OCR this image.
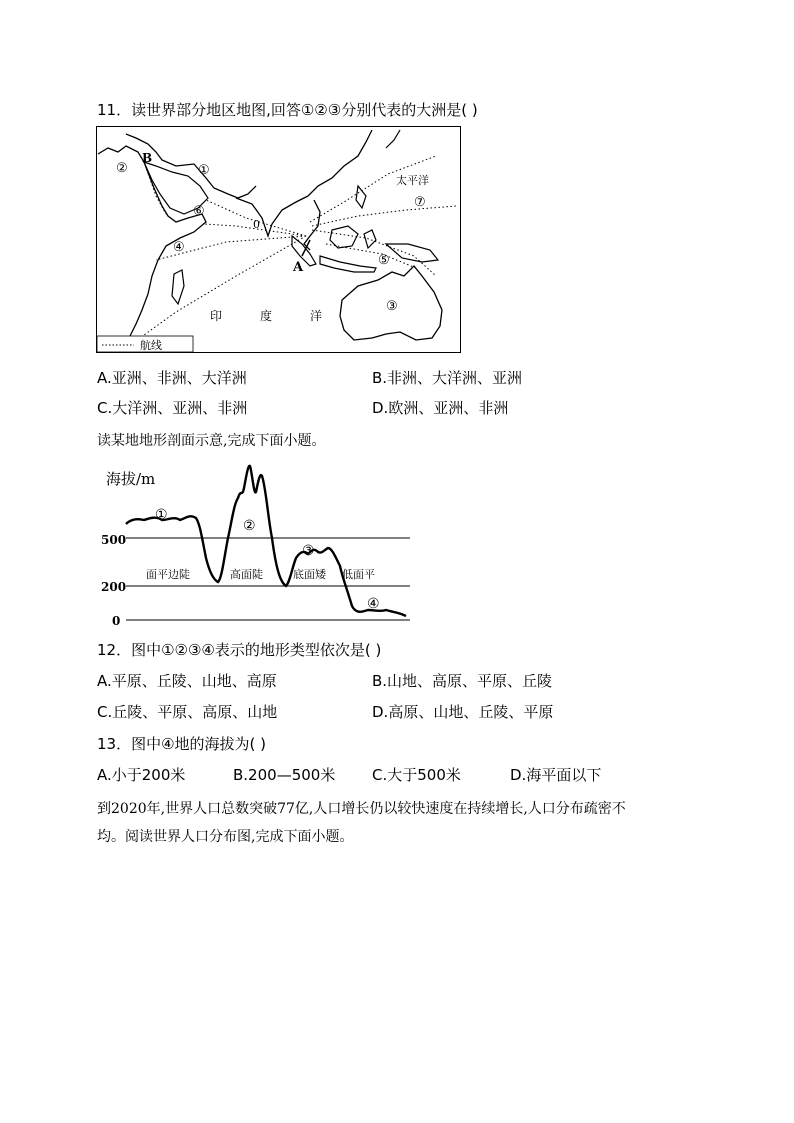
11．读世界部分地区地图,回答①②③分别代表的大洲是( )
B
A
①
②
③
④
⑤
⑥
⑦
0
太平洋
印	度	洋
航线
A.亚洲、非洲、大洋洲	B.非洲、大洋洲、亚洲
C.大洋洲、亚洲、非洲	D.欧洲、亚洲、非洲
读某地地形剖面示意,完成下面小题。
海拔/m
500
200
0
①
②
③
④
面平边陡	高面陡	底面矮 低面平
12．图中①②③④表示的地形类型依次是( )
A.平原、丘陵、山地、高原	B.山地、高原、平原、丘陵
C.丘陵、平原、高原、山地	D.高原、山地、丘陵、平原
13．图中④地的海拔为( )
A.小于200米	B.200—500米 C.大于500米	D.海平面以下
到2020年,世界人口总数突破77亿,人口增长仍以较快速度在持续增长,人口分布疏密不
均。阅读世界人口分布图,完成下面小题。
